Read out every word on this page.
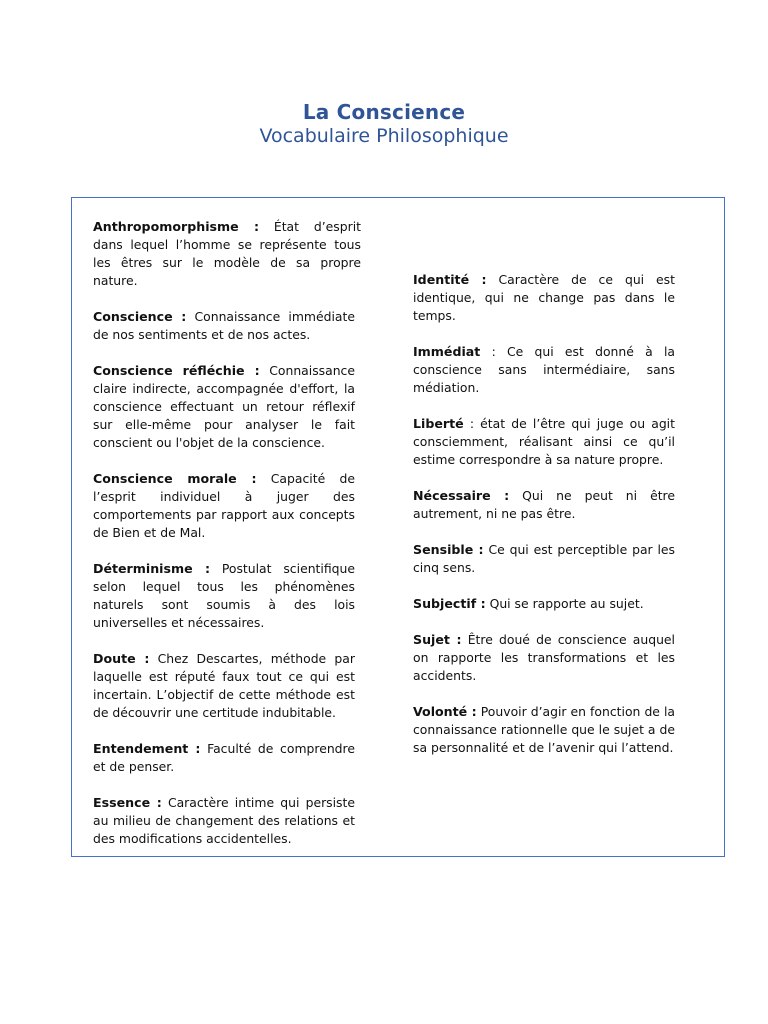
La Conscience
Vocabulaire Philosophique

Anthropomorphisme : État d’esprit dans lequel l’homme se représente tous les êtres sur le modèle de sa propre nature.

Conscience : Connaissance immédiate de nos sentiments et de nos actes.

Conscience réfléchie : Connaissance claire indirecte, accompagnée d'effort, la conscience effectuant un retour réflexif sur elle-même pour analyser le fait conscient ou l'objet de la conscience.

Conscience morale : Capacité de l’esprit individuel à juger des comportements par rapport aux concepts de Bien et de Mal.

Déterminisme : Postulat scientifique selon lequel tous les phénomènes naturels sont soumis à des lois universelles et nécessaires.

Doute : Chez Descartes, méthode par laquelle est réputé faux tout ce qui est incertain. L’objectif de cette méthode est de découvrir une certitude indubitable.

Entendement : Faculté de comprendre et de penser.

Essence : Caractère intime qui persiste au milieu de changement des relations et des modifications accidentelles.

Identité : Caractère de ce qui est identique, qui ne change pas dans le temps.

Immédiat : Ce qui est donné à la conscience sans intermédiaire, sans médiation.

Liberté : état de l’être qui juge ou agit consciemment, réalisant ainsi ce qu’il estime correspondre à sa nature propre.

Nécessaire : Qui ne peut ni être autrement, ni ne pas être.

Sensible : Ce qui est perceptible par les cinq sens.

Subjectif : Qui se rapporte au sujet.

Sujet : Être doué de conscience auquel on rapporte les transformations et les accidents.

Volonté : Pouvoir d’agir en fonction de la connaissance rationnelle que le sujet a de sa personnalité et de l’avenir qui l’attend.
